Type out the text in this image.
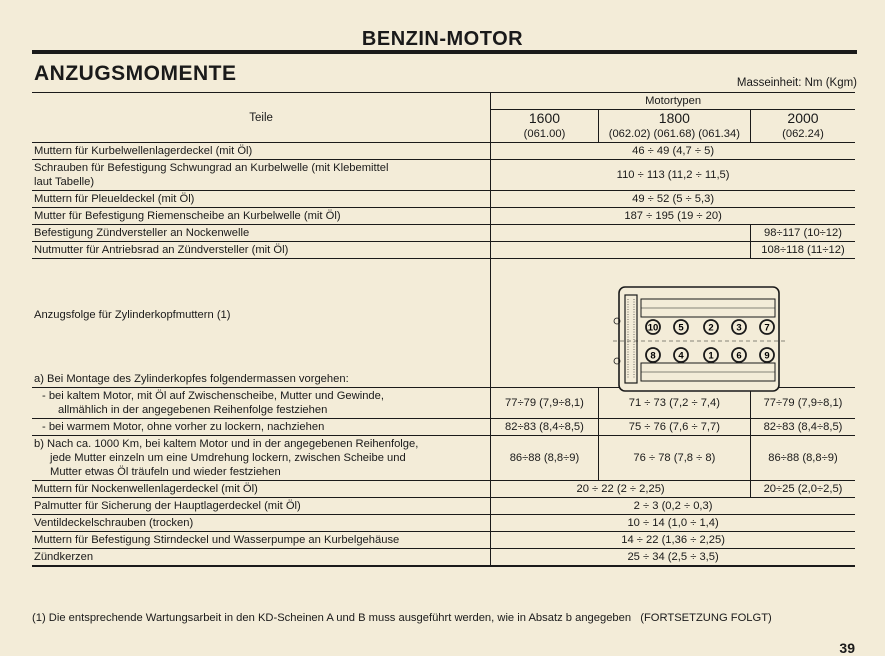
BENZIN-MOTOR
ANZUGSMOMENTE	Masseinheit: Nm (Kgm)
Teile	Motortypen		
	1600	1800	2000
	(061.00)	(062.02) (061.68) (061.34)	(062.24)
Muttern für Kurbelwellenlagerdeckel (mit Öl)	46 ÷ 49 (4,7 ÷ 5)		

Schrauben für Befestigung Schwungrad an Kurbelwelle (mit Klebemittel
laut Tabelle)	110 ÷ 113 (11,2 ÷ 11,5)		
Muttern für Pleueldeckel (mit Öl)	49 ÷ 52 (5 ÷ 5,3)		
Mutter für Befestigung Riemenscheibe an Kurbelwelle (mit Öl)	187 ÷ 195 (19 ÷ 20)		
Befestigung Zündversteller an Nockenwelle			98÷117 (10÷12)
Nutmutter für Antriebsrad an Zündversteller (mit Öl)			108÷118 (11÷12)
Anzugsfolge für Zylinderkopfmuttern (1)			
a) Bei Montage des Zylinderkopfes folgendermassen vorgehen:			

- bei kaltem Motor, mit Öl auf Zwischenscheibe, Mutter und Gewinde,
allmählich in der angegebenen Reihenfolge festziehen	77÷79 (7,9÷8,1)	71 ÷ 73 (7,2 ÷ 7,4)	77÷79 (7,9÷8,1)
- bei warmem Motor, ohne vorher zu lockern, nachziehen	82÷83 (8,4÷8,5)	75 ÷ 76 (7,6 ÷ 7,7)	82÷83 (8,4÷8,5)

b) Nach ca. 1000 Km, bei kaltem Motor und in der angegebenen Reihenfolge,
jede Mutter einzeln um eine Umdrehung lockern, zwischen Scheibe und
Mutter etwas Öl träufeln und wieder festziehen	86÷88 (8,8÷9)	76 ÷ 78 (7,8 ÷ 8)	86÷88 (8,8÷9)
Muttern für Nockenwellenlagerdeckel (mit Öl)	20 ÷ 22 (2 ÷ 2,25)		20÷25 (2,0÷2,5)
Palmutter für Sicherung der Hauptlagerdeckel (mit Öl)	2 ÷ 3 (0,2 ÷ 0,3)		
Ventildeckelschrauben (trocken)	10 ÷ 14 (1,0 ÷ 1,4)		
Muttern für Befestigung Stirndeckel und Wasserpumpe an Kurbelgehäuse	14 ÷ 22 (1,36 ÷ 2,25)		
Zündkerzen	25 ÷ 34 (2,5 ÷ 3,5)		
10 5	2 3 7
8 4	1 6 9
(1) Die entsprechende Wartungsarbeit in den KD-Scheinen A und B muss ausgeführt werden, wie in Absatz b angegeben (FORTSETZUNG FOLGT)
39
